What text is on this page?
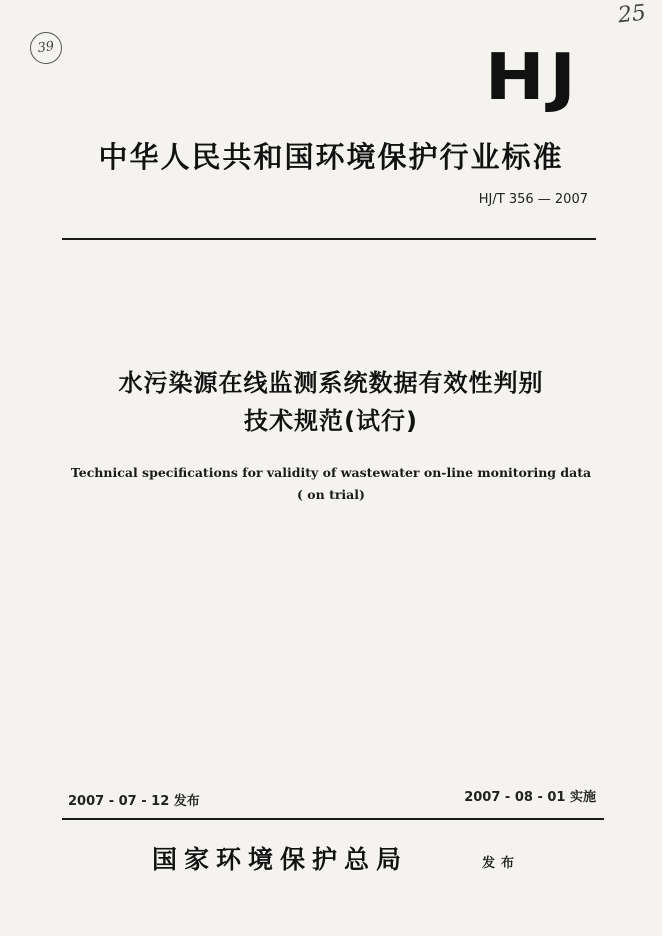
39
25
HJ
中华人民共和国环境保护行业标准
HJ/T 356 — 2007
水污染源在线监测系统数据有效性判别
技术规范(试行)
Technical specifications for validity of wastewater on-line monitoring data
( on trial)
2007 - 07 - 12 发布	2007 - 08 - 01 实施
国家环境保护总局	发布
